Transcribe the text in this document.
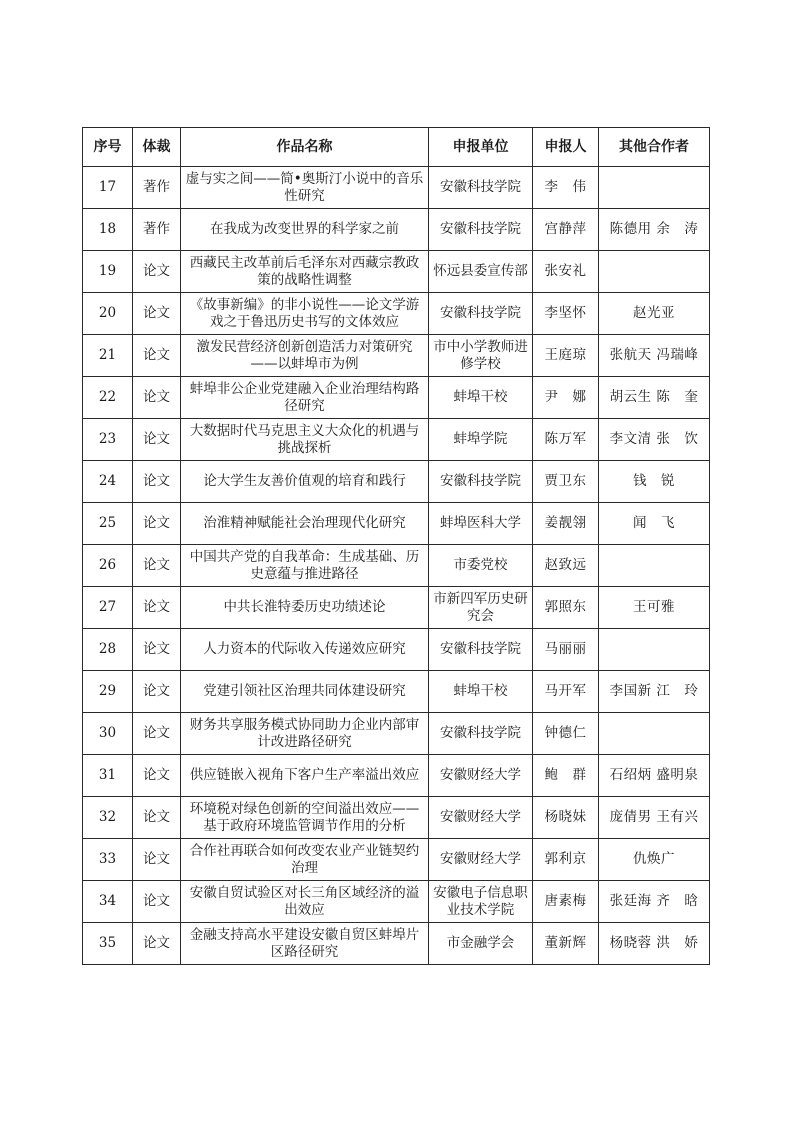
序号	体裁	作品名称	申报单位	申报人	其他合作者
17	著作	虚与实之间——简•奥斯汀小说中的音乐性研究	安徽科技学院	李　伟	
18	著作	在我成为改变世界的科学家之前	安徽科技学院	宫静萍	陈德用 余　涛
19	论文	西藏民主改革前后毛泽东对西藏宗教政策的战略性调整	怀远县委宣传部	张安礼	
20	论文	《故事新编》的非小说性——论文学游戏之于鲁迅历史书写的文体效应	安徽科技学院	李坚怀	赵光亚
21	论文	激发民营经济创新创造活力对策研究——以蚌埠市为例	市中小学教师进修学校	王庭琼	张航天 冯瑞峰
22	论文	蚌埠非公企业党建融入企业治理结构路径研究	蚌埠干校	尹　娜	胡云生 陈　奎
23	论文	大数据时代马克思主义大众化的机遇与挑战探析	蚌埠学院	陈万军	李文清 张　饮
24	论文	论大学生友善价值观的培育和践行	安徽科技学院	贾卫东	钱　锐
25	论文	治淮精神赋能社会治理现代化研究	蚌埠医科大学	姜靓翎	闻　飞
26	论文	中国共产党的自我革命：生成基础、历史意蕴与推进路径	市委党校	赵致远	
27	论文	中共长淮特委历史功绩述论	市新四军历史研究会	郭照东	王可雅
28	论文	人力资本的代际收入传递效应研究	安徽科技学院	马丽丽	
29	论文	党建引领社区治理共同体建设研究	蚌埠干校	马开军	李国新 江　玲
30	论文	财务共享服务模式协同助力企业内部审计改进路径研究	安徽科技学院	钟德仁	
31	论文	供应链嵌入视角下客户生产率溢出效应	安徽财经大学	鲍　群	石绍炳 盛明泉
32	论文	环境税对绿色创新的空间溢出效应——基于政府环境监管调节作用的分析	安徽财经大学	杨晓妹	庞倩男 王有兴
33	论文	合作社再联合如何改变农业产业链契约治理	安徽财经大学	郭利京	仇焕广
34	论文	安徽自贸试验区对长三角区域经济的溢出效应	安徽电子信息职业技术学院	唐素梅	张廷海 齐　晗
35	论文	金融支持高水平建设安徽自贸区蚌埠片区路径研究	市金融学会	董新辉	杨晓蓉 洪　娇
